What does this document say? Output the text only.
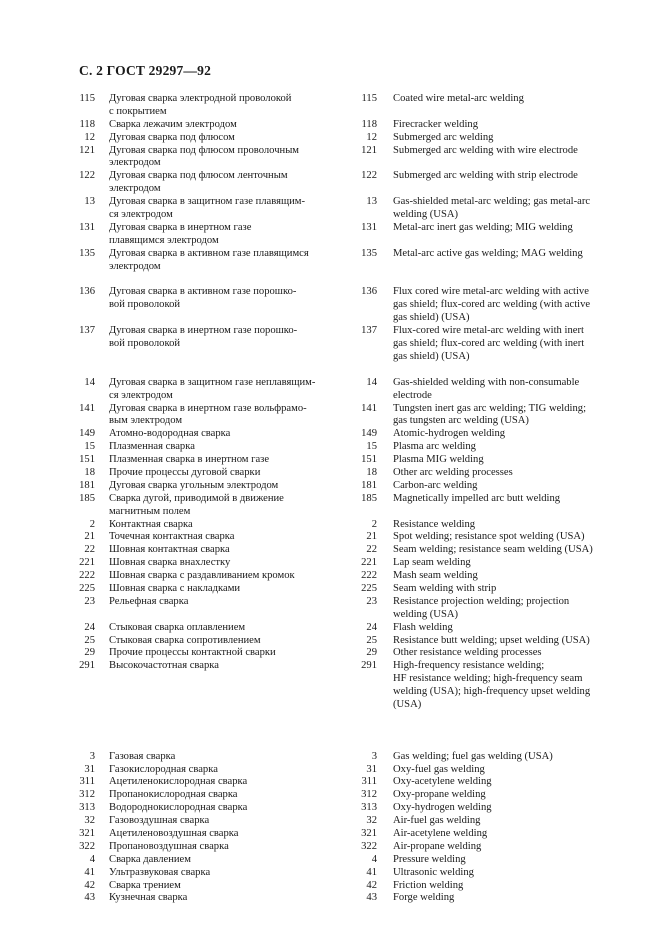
С. 2 ГОСТ 29297—92
115 Дуговая сварка электродной проволокой
с покрытием
118 Сварка лежачим электродом
12 Дуговая сварка под флюсом
121 Дуговая сварка под флюсом проволочным
электродом
122 Дуговая сварка под флюсом ленточным
электродом
13 Дуговая сварка в защитном газе плавящим-
ся электродом
131 Дуговая сварка в инертном газе
плавящимся электродом
135 Дуговая сварка в активном газе плавящимся
электродом
136 Дуговая сварка в активном газе порошко-
вой проволокой
137 Дуговая сварка в инертном газе порошко-
вой проволокой
14 Дуговая сварка в защитном газе неплавящим-
ся электродом
141 Дуговая сварка в инертном газе вольфрамо-
вым электродом
149 Атомно-водородная сварка
15 Плазменная сварка
151 Плазменная сварка в инертном газе
18 Прочие процессы дуговой сварки
181 Дуговая сварка угольным электродом
185 Сварка дугой, приводимой в движение
магнитным полем
2 Контактная сварка
21 Точечная контактная сварка
22 Шовная контактная сварка
221 Шовная сварка внахлестку
222 Шовная сварка с раздавливанием кромок
225 Шовная сварка с накладками
23 Рельефная сварка
24 Стыковая сварка оплавлением
25 Стыковая сварка сопротивлением
29 Прочие процессы контактной сварки
291 Высокочастотная сварка
3 Газовая сварка
31 Газокислородная сварка
311 Ацетиленокислородная сварка
312 Пропанокислородная сварка
313 Водороднокислородная сварка
32 Газовоздушная сварка
321 Ацетиленовоздушная сварка
322 Пропановоздушная сварка
4 Сварка давлением
41 Ультразвуковая сварка
42 Сварка трением
43 Кузнечная сварка
115 Coated wire metal-arc welding
118 Firecracker welding
12 Submerged arc welding
121 Submerged arc welding with wire electrode
122 Submerged arc welding with strip electrode
13 Gas-shielded metal-arc welding; gas metal-arc
welding (USA)
131 Metal-arc inert gas welding; MIG welding
135 Metal-arc active gas welding; MAG welding
136 Flux cored wire metal-arc welding with active
gas shield; flux-cored arc welding (with active
gas shield) (USA)
137 Flux-cored wire metal-arc welding with inert
gas shield; flux-cored arc welding (with inert
gas shield) (USA)
14 Gas-shielded welding with non-consumable
electrode
141 Tungsten inert gas arc welding; TIG welding;
gas tungsten arc welding (USA)
149 Atomic-hydrogen welding
15 Plasma arc welding
151 Plasma MIG welding
18 Other arc welding processes
181 Carbon-arc welding
185 Magnetically impelled arc butt welding
2 Resistance welding
21 Spot welding; resistance spot welding (USA)
22 Seam welding; resistance seam welding (USA)
221 Lap seam welding
222 Mash seam welding
225 Seam welding with strip
23 Resistance projection welding; projection
welding (USA)
24 Flash welding
25 Resistance butt welding; upset welding (USA)
29 Other resistance welding processes
291 High-frequency resistance welding;
HF resistance welding; high-frequency seam
welding (USA); high-frequency upset welding
(USA)
3 Gas welding; fuel gas welding (USA)
31 Oxy-fuel gas welding
311 Oxy-acetylene welding
312 Oxy-propane welding
313 Oxy-hydrogen welding
32 Air-fuel gas welding
321 Air-acetylene welding
322 Air-propane welding
4 Pressure welding
41 Ultrasonic welding
42 Friction welding
43 Forge welding
